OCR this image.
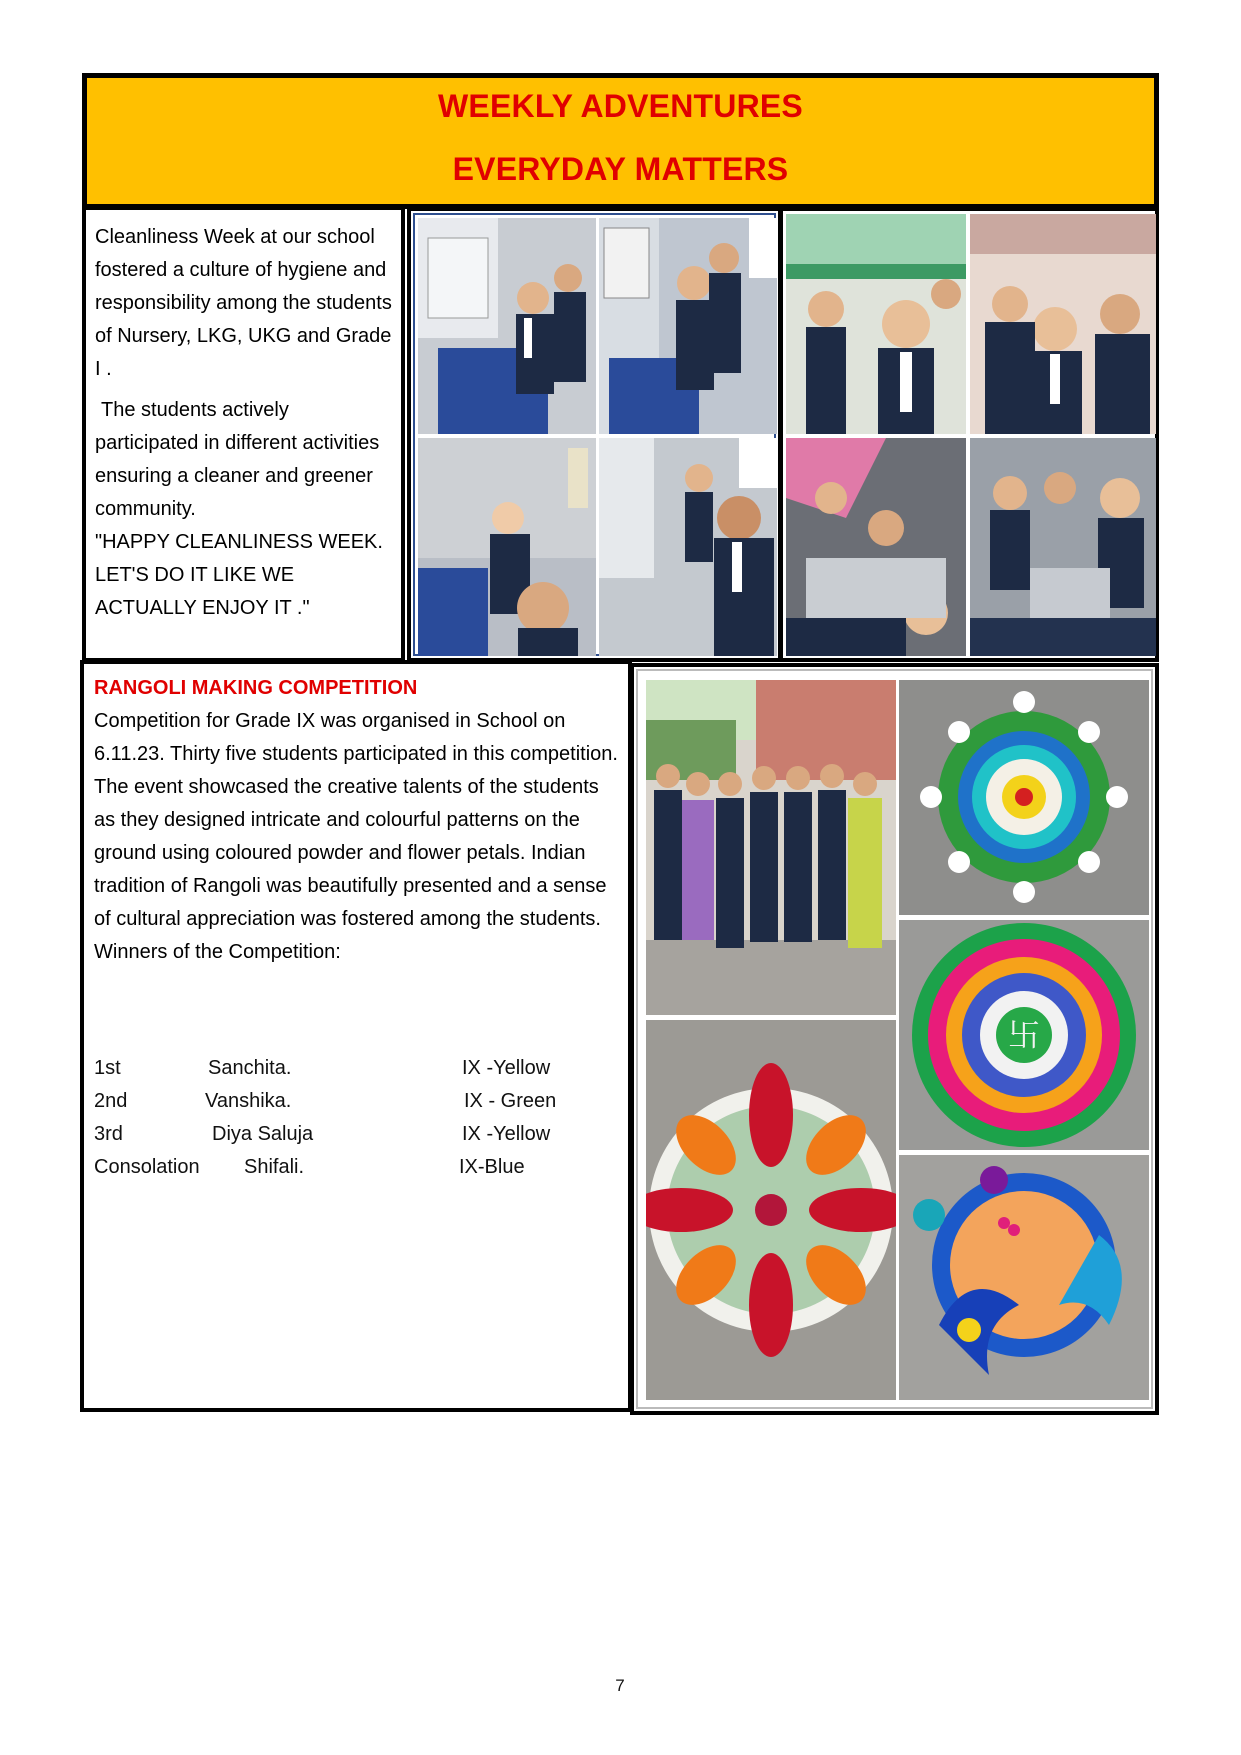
WEEKLY ADVENTURES
EVERYDAY MATTERS

Cleanliness Week at our school fostered a culture of hygiene and responsibility among the students of Nursery, LKG, UKG and Grade I .

The students actively participated in different activities ensuring a cleaner and greener community.

"HAPPY CLEANLINESS WEEK.

LET'S DO IT LIKE WE ACTUALLY ENJOY IT ."

RANGOLI MAKING COMPETITION
Competition for Grade IX was organised in School on 6.11.23. Thirty five students participated in this competition. The event showcased the creative talents of the students as they designed intricate and colourful patterns on the ground using coloured powder and flower petals. Indian tradition of Rangoli was beautifully presented and a sense of cultural appreciation was fostered among the students.
Winners of the Competition:
1st	Sanchita.	IX -Yellow
2nd	Vanshika.	IX - Green
3rd	Diya Saluja	IX -Yellow
Consolation Shifali.	IX-Blue
卐
7
